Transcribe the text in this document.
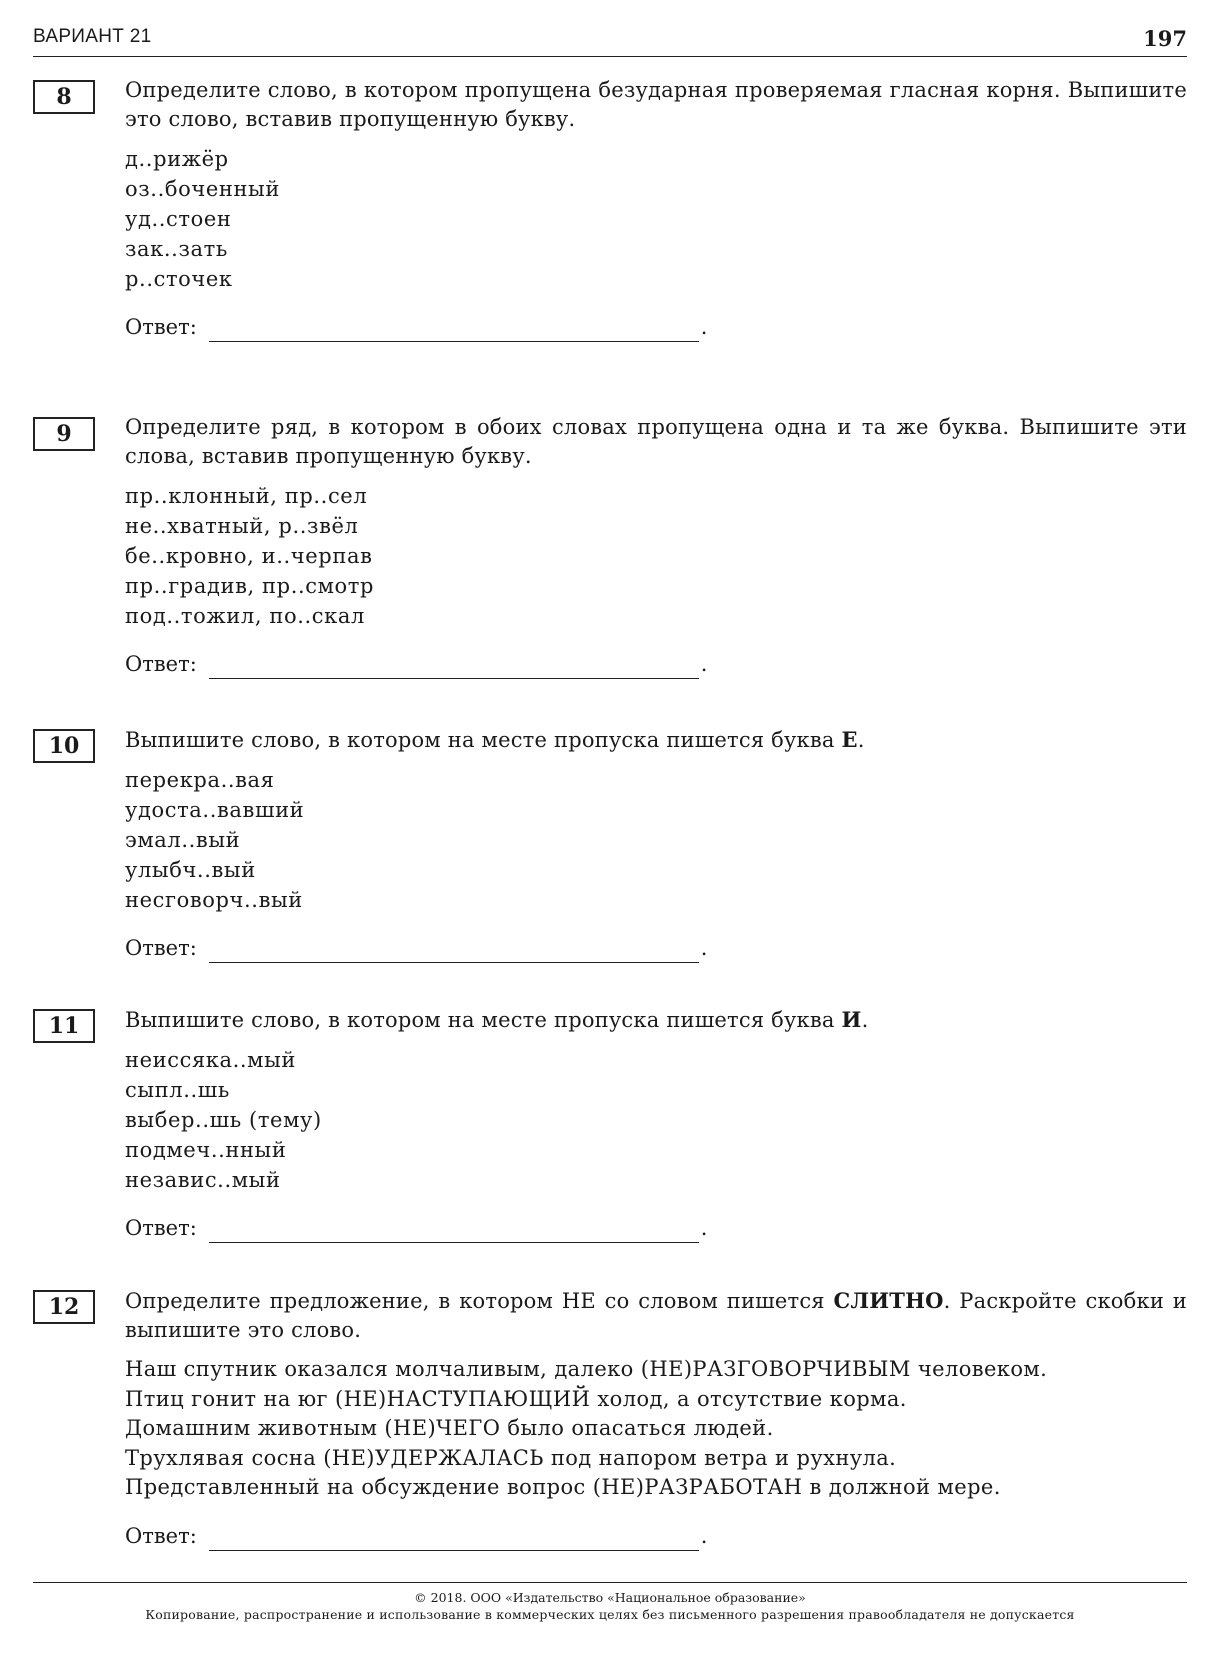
ВАРИАНТ 21	197
8	Определите слово, в котором пропущена безударная проверяемая гласная корня. Выпишите это слово, вставив пропущенную букву.

д..рижёр
оз..боченный
уд..стоен
зак..зать
р..сточек
Ответ:	.
9	Определите ряд, в котором в обоих словах пропущена одна и та же буква. Выпишите эти слова, вставив пропущенную букву.

пр..клонный, пр..сел
не..хватный, р..звёл
бе..кровно, и..черпав
пр..градив, пр..смотр
под..тожил, по..скал
Ответ:	.
10	Выпишите слово, в котором на месте пропуска пишется буква Е.

перекра..вая
удоста..вавший
эмал..вый
улыбч..вый
несговорч..вый
Ответ:	.
11	Выпишите слово, в котором на месте пропуска пишется буква И.

неиссяка..мый
сыпл..шь
выбер..шь (тему)
подмеч..нный
независ..мый
Ответ:	.
12	Определите предложение, в котором НЕ со словом пишется СЛИТНО. Раскройте скобки и выпишите это слово.

Наш спутник оказался молчаливым, далеко (НЕ)РАЗГОВОРЧИВЫМ человеком.
Птиц гонит на юг (НЕ)НАСТУПАЮЩИЙ холод, а отсутствие корма.
Домашним животным (НЕ)ЧЕГО было опасаться людей.
Трухлявая сосна (НЕ)УДЕРЖАЛАСЬ под напором ветра и рухнула.
Представленный на обсуждение вопрос (НЕ)РАЗРАБОТАН в должной мере.
Ответ:	.
© 2018. ООО «Издательство «Национальное образование»
Копирование, распространение и использование в коммерческих целях без письменного разрешения правообладателя не допускается
